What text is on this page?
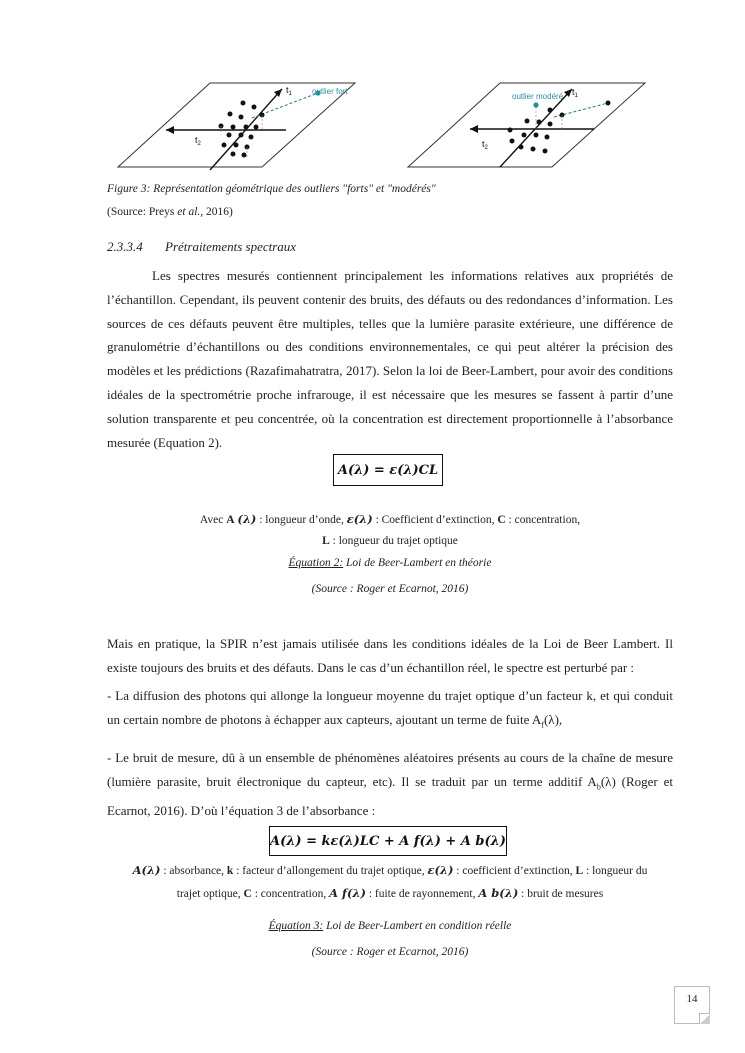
$t_1$
$t_2$
outlier fort	$t_1$
$t_2$
outlier modéré
Figure 3: Représentation géométrique des outliers "forts" et "modérés"
(Source: Preys et al., 2016)
2.3.3.4 Prétraitements spectraux
Les spectres mesurés contiennent principalement les informations relatives aux propriétés de l’échantillon. Cependant, ils peuvent contenir des bruits, des défauts ou des redondances d’information. Les sources de ces défauts peuvent être multiples, telles que la lumière parasite extérieure, une différence de granulométrie d’échantillons ou des conditions environnementales, ce qui peut altérer la précision des modèles et les prédictions (Razafimahatratra, 2017). Selon la loi de Beer-Lambert, pour avoir des conditions idéales de la spectrométrie proche infrarouge, il est nécessaire que les mesures se fassent à partir d’une solution transparente et peu concentrée, où la concentration est directement proportionnelle à l’absorbance mesurée (Equation 2).
A(λ) = ε(λ)CL
Avec A (λ) : longueur d’onde, ε(λ) : Coefficient d’extinction, C : concentration,
L : longueur du trajet optique
Équation 2: Loi de Beer-Lambert en théorie
(Source : Roger et Ecarnot, 2016)
Mais en pratique, la SPIR n’est jamais utilisée dans les conditions idéales de la Loi de Beer Lambert. Il existe toujours des bruits et des défauts. Dans le cas d’un échantillon réel, le spectre est perturbé par :
- La diffusion des photons qui allonge la longueur moyenne du trajet optique d’un facteur k, et qui conduit un certain nombre de photons à échapper aux capteurs, ajoutant un terme de fuite $A_f(\lambda)$,
- Le bruit de mesure, dû à un ensemble de phénomènes aléatoires présents au cours de la chaîne de mesure (lumière parasite, bruit électronique du capteur, etc). Il se traduit par un terme additif $A_b(\lambda)$ (Roger et Ecarnot, 2016). D’où l’équation 3 de l’absorbance :
A(λ) = kε(λ)LC + A f(λ) + A b(λ)
A(λ) : absorbance, k : facteur d’allongement du trajet optique, ε(λ) : coefficient d’extinction, L : longueur du
trajet optique, C : concentration, A f(λ) : fuite de rayonnement, A b(λ) : bruit de mesures
Équation 3: Loi de Beer-Lambert en condition réelle
(Source : Roger et Ecarnot, 2016)
14
